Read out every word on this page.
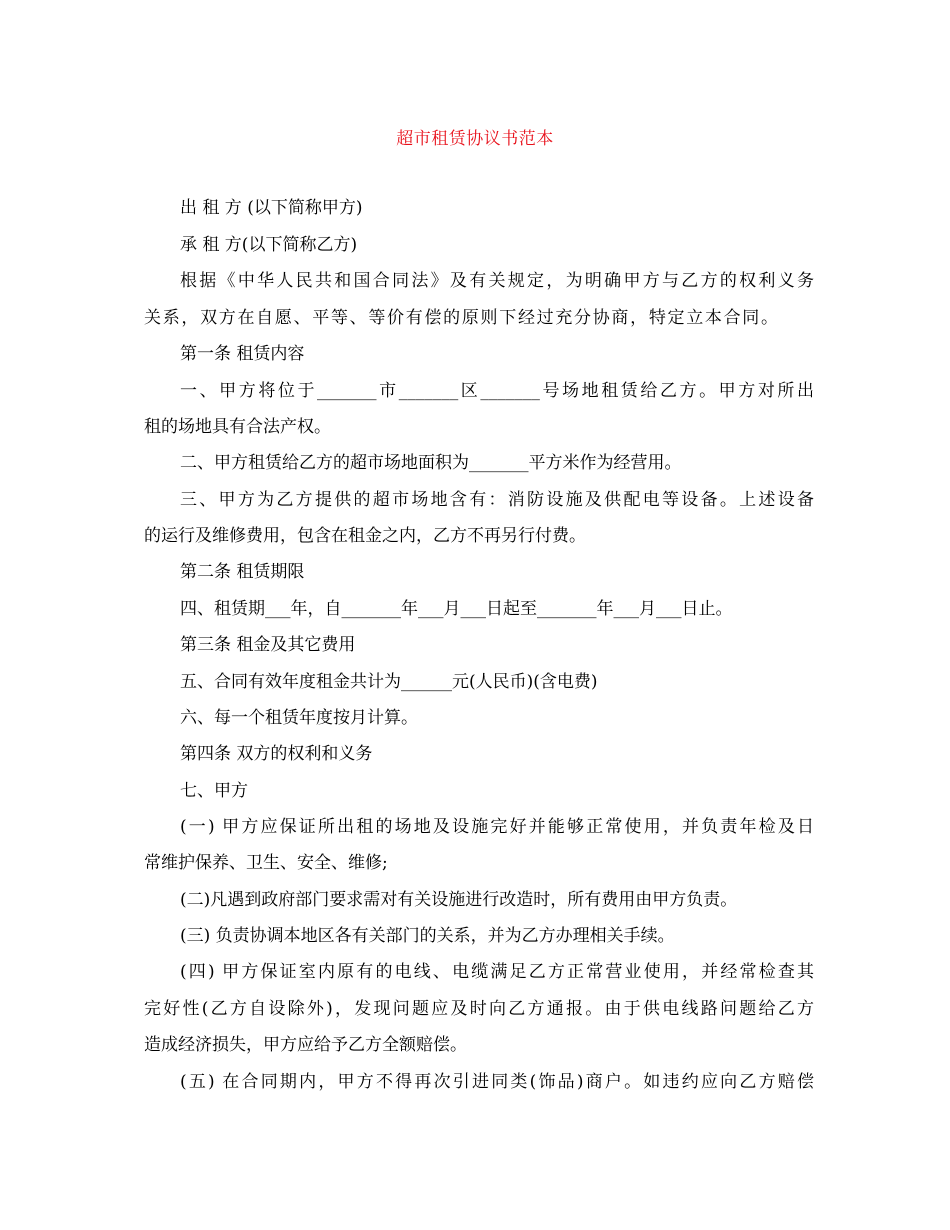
超市租赁协议书范本
出 租 方 (以下简称甲方)
承 租 方(以下简称乙方)
根据《中华人民共和国合同法》及有关规定，为明确甲方与乙方的权利义务
关系，双方在自愿、平等、等价有偿的原则下经过充分协商，特定立本合同。
第一条 租赁内容
一、甲方将位于_______市_______区_______号场地租赁给乙方。甲方对所出
租的场地具有合法产权。
二、甲方租赁给乙方的超市场地面积为_______平方米作为经营用。
三、甲方为乙方提供的超市场地含有：消防设施及供配电等设备。上述设备
的运行及维修费用，包含在租金之内，乙方不再另行付费。
第二条 租赁期限
四、租赁期___年，自_______年___月___日起至_______年___月___日止。
第三条 租金及其它费用
五、合同有效年度租金共计为______元(人民币)(含电费)
六、每一个租赁年度按月计算。
第四条 双方的权利和义务
七、甲方
(一) 甲方应保证所出租的场地及设施完好并能够正常使用，并负责年检及日
常维护保养、卫生、安全、维修;
(二)凡遇到政府部门要求需对有关设施进行改造时，所有费用由甲方负责。
(三) 负责协调本地区各有关部门的关系，并为乙方办理相关手续。
(四) 甲方保证室内原有的电线、电缆满足乙方正常营业使用，并经常检查其
完好性(乙方自设除外)，发现问题应及时向乙方通报。由于供电线路问题给乙方
造成经济损失，甲方应给予乙方全额赔偿。
(五) 在合同期内，甲方不得再次引进同类(饰品)商户。如违约应向乙方赔偿
